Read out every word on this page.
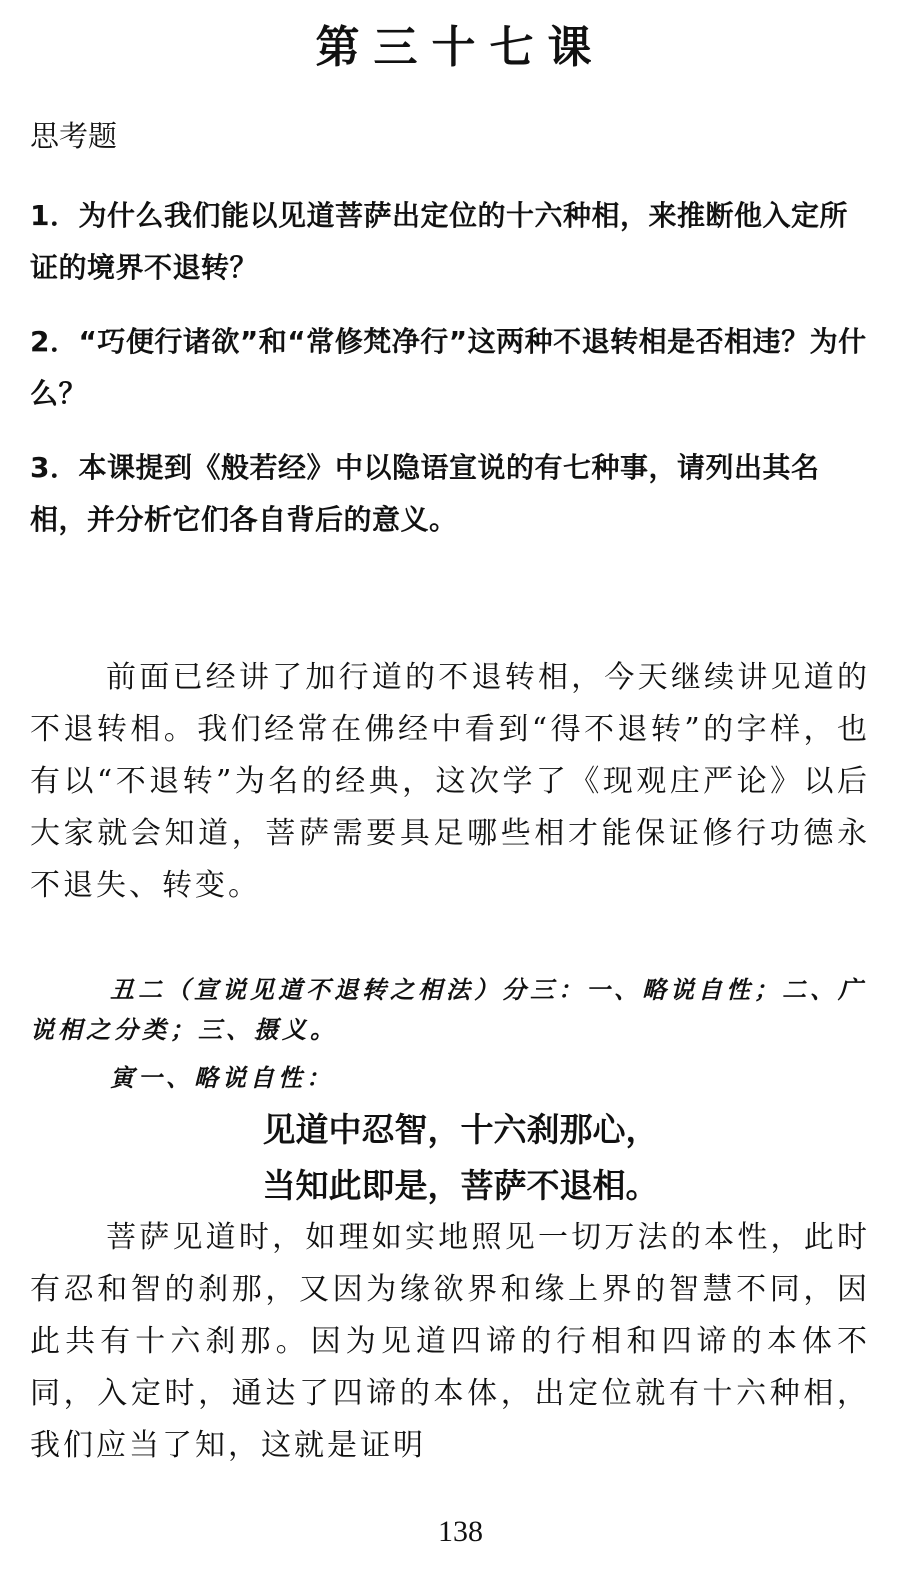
第三十七课
思考题
1．为什么我们能以见道菩萨出定位的十六种相，来推断他入定所证的境界不退转？
2．“巧便行诸欲”和“常修梵净行”这两种不退转相是否相违？为什么？
3．本课提到《般若经》中以隐语宣说的有七种事，请列出其名相，并分析它们各自背后的意义。
前面已经讲了加行道的不退转相，今天继续讲见道的不退转相。我们经常在佛经中看到“得不退转”的字样，也有以“不退转”为名的经典，这次学了《现观庄严论》以后大家就会知道，菩萨需要具足哪些相才能保证修行功德永不退失、转变。
丑二（宣说见道不退转之相法）分三：一、略说自性；二、广说相之分类；三、摄义。
寅一、略说自性：
见道中忍智，十六刹那心，
当知此即是，菩萨不退相。
菩萨见道时，如理如实地照见一切万法的本性，此时有忍和智的刹那，又因为缘欲界和缘上界的智慧不同，因此共有十六刹那。因为见道四谛的行相和四谛的本体不同，入定时，通达了四谛的本体，出定位就有十六种相，我们应当了知，这就是证明
138
